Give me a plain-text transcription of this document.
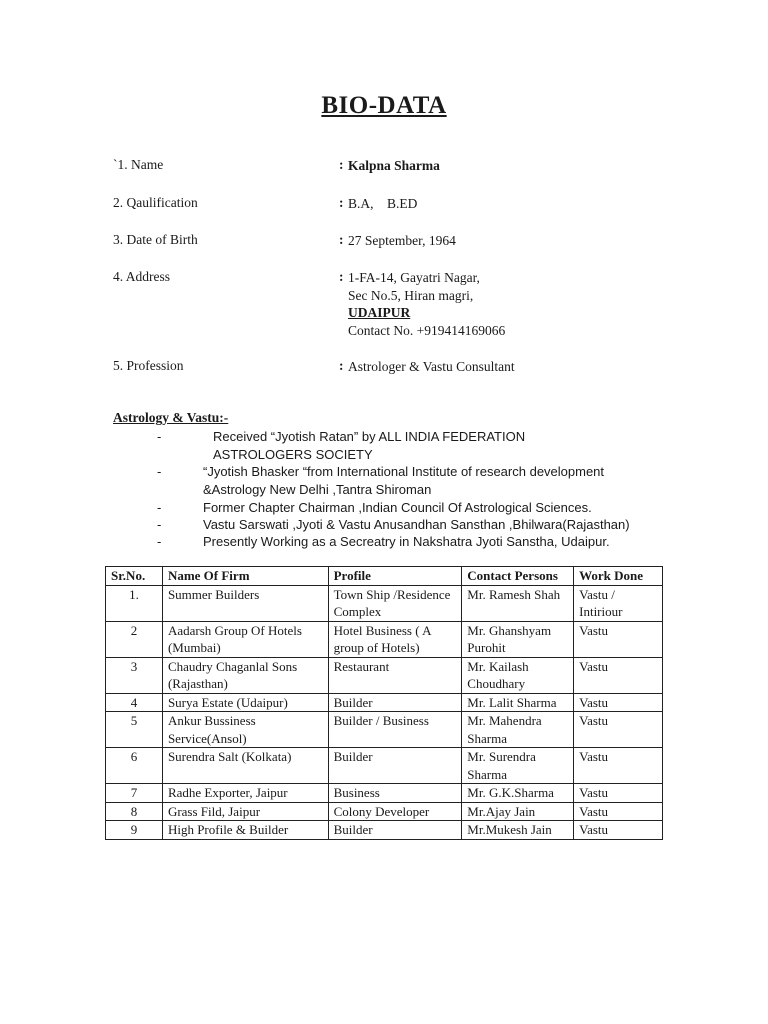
BIO-DATA
`1. Name	: Kalpna Sharma
2. Qaulification	: B.A,    B.ED
3. Date of Birth	: 27 September, 1964
4. Address	: 1-FA-14, Gayatri Nagar,
Sec No.5, Hiran magri,
UDAIPUR
Contact No. +919414169066
5. Profession	: Astrologer & Vastu Consultant
Astrology & Vastu:-
-	Received “Jyotish Ratan” by ALL INDIA FEDERATION
ASTROLOGERS SOCIETY
-	“Jyotish Bhasker “from International Institute of research development
&Astrology New Delhi ,Tantra Shiroman
-	Former Chapter Chairman ,Indian Council Of Astrological Sciences.
-	Vastu Sarswati ,Jyoti & Vastu Anusandhan Sansthan ,Bhilwara(Rajasthan)
-	Presently Working as a Secreatry in Nakshatra Jyoti Sanstha, Udaipur.
Sr.No.	Name Of Firm	Profile	Contact Persons	Work Done
1.	Summer Builders	Town Ship /Residence Complex	Mr. Ramesh Shah	Vastu / Intiriour
2	Aadarsh Group Of Hotels (Mumbai)	Hotel Business ( A group of Hotels)	Mr. Ghanshyam Purohit	Vastu
3	Chaudry Chaganlal Sons (Rajasthan)	Restaurant	Mr. Kailash Choudhary	Vastu
4	Surya Estate (Udaipur)	Builder	Mr. Lalit Sharma	Vastu
5	Ankur Bussiness Service(Ansol)	Builder / Business	Mr. Mahendra Sharma	Vastu
6	Surendra Salt (Kolkata)	Builder	Mr. Surendra Sharma	Vastu
7	Radhe Exporter, Jaipur	Business	Mr. G.K.Sharma	Vastu
8	Grass Fild, Jaipur	Colony Developer	Mr.Ajay Jain	Vastu
9	High Profile & Builder	Builder	Mr.Mukesh Jain	Vastu
